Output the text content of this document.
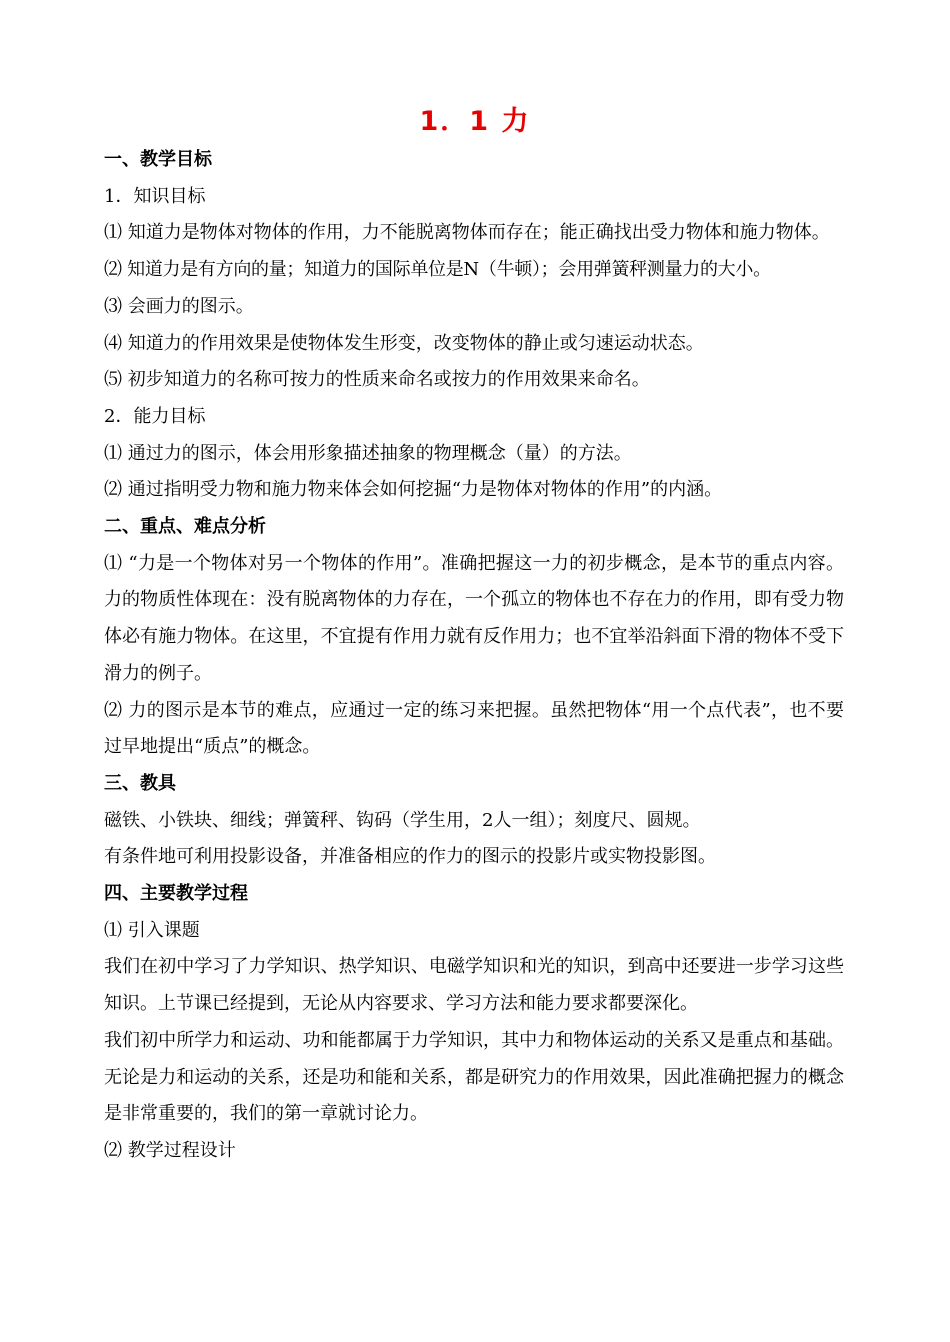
1．1 力

一、教学目标

1．知识目标

⑴ 知道力是物体对物体的作用，力不能脱离物体而存在；能正确找出受力物体和施力物体。

⑵ 知道力是有方向的量；知道力的国际单位是N（牛顿）；会用弹簧秤测量力的大小。

⑶ 会画力的图示。

⑷ 知道力的作用效果是使物体发生形变，改变物体的静止或匀速运动状态。

⑸ 初步知道力的名称可按力的性质来命名或按力的作用效果来命名。

2．能力目标

⑴ 通过力的图示，体会用形象描述抽象的物理概念（量）的方法。

⑵ 通过指明受力物和施力物来体会如何挖掘“力是物体对物体的作用”的内涵。

二、重点、难点分析

⑴ “力是一个物体对另一个物体的作用”。准确把握这一力的初步概念，是本节的重点内容。力的物质性体现在：没有脱离物体的力存在，一个孤立的物体也不存在力的作用，即有受力物体必有施力物体。在这里，不宜提有作用力就有反作用力；也不宜举沿斜面下滑的物体不受下滑力的例子。

⑵ 力的图示是本节的难点，应通过一定的练习来把握。虽然把物体“用一个点代表”，也不要过早地提出“质点”的概念。

三、教具

磁铁、小铁块、细线；弹簧秤、钩码（学生用，2人一组）；刻度尺、圆规。

有条件地可利用投影设备，并准备相应的作力的图示的投影片或实物投影图。

四、主要教学过程

⑴ 引入课题

我们在初中学习了力学知识、热学知识、电磁学知识和光的知识，到高中还要进一步学习这些知识。上节课已经提到，无论从内容要求、学习方法和能力要求都要深化。

我们初中所学力和运动、功和能都属于力学知识，其中力和物体运动的关系又是重点和基础。无论是力和运动的关系，还是功和能和关系，都是研究力的作用效果，因此准确把握力的概念是非常重要的，我们的第一章就讨论力。

⑵ 教学过程设计
